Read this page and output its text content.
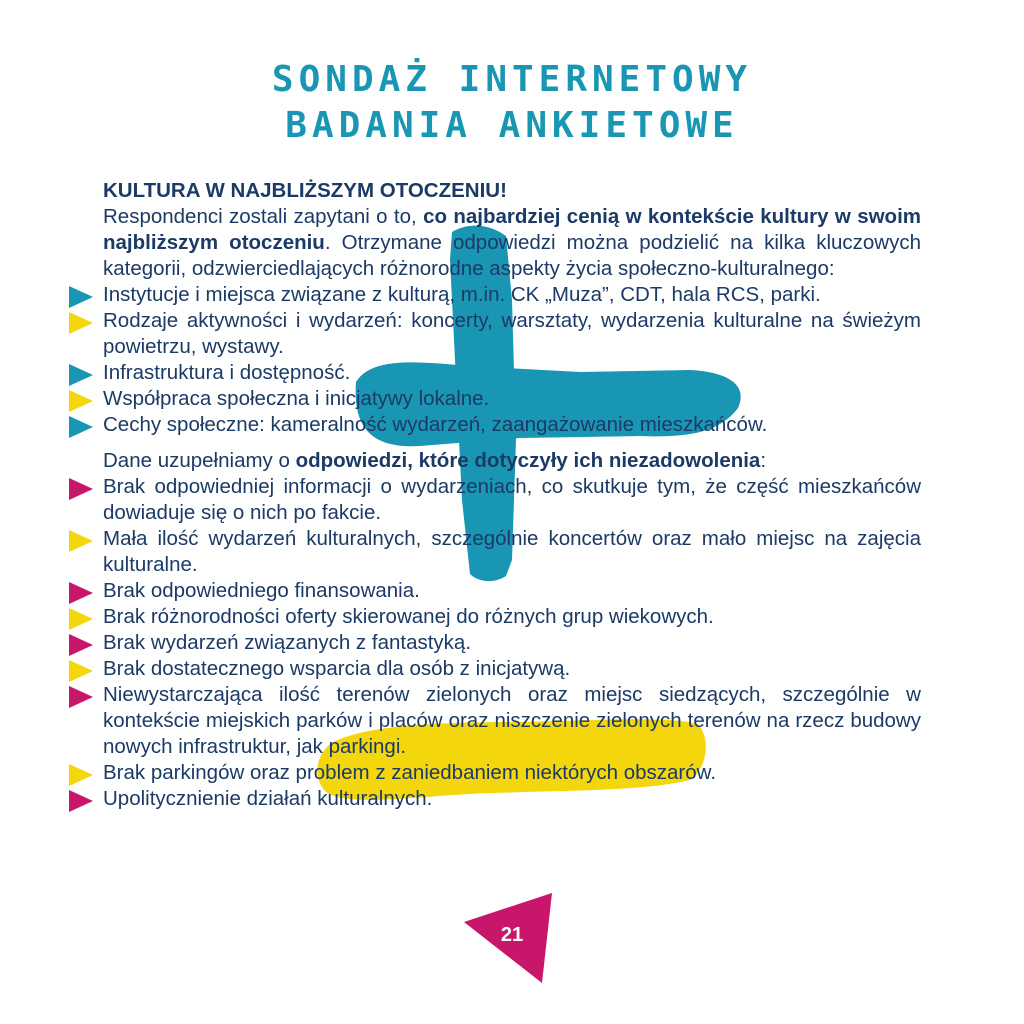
SONDAŻ INTERNETOWY
BADANIA ANKIETOWE
KULTURA W NAJBLIŻSZYM OTOCZENIU!
Respondenci zostali zapytani o to, co najbardziej cenią w kontekście kultury w swoim najbliższym otoczeniu. Otrzymane odpowiedzi można podzielić na kilka kluczowych kategorii, odzwierciedlających różnorodne aspekty życia społeczno-kulturalnego:
Instytucje i miejsca związane z kulturą, m.in. CK „Muza”, CDT, hala RCS, parki.
Rodzaje aktywności i wydarzeń: koncerty, warsztaty, wydarzenia kulturalne na świeżym powietrzu, wystawy.
Infrastruktura i dostępność.
Współpraca społeczna i inicjatywy lokalne.
Cechy społeczne: kameralność wydarzeń, zaangażowanie mieszkańców.
Dane uzupełniamy o odpowiedzi, które dotyczyły ich niezadowolenia:
Brak odpowiedniej informacji o wydarzeniach, co skutkuje tym, że część mieszkańców dowiaduje się o nich po fakcie.
Mała ilość wydarzeń kulturalnych, szczególnie koncertów oraz mało miejsc na zajęcia kulturalne.
Brak odpowiedniego finansowania.
Brak różnorodności oferty skierowanej do różnych grup wiekowych.
Brak wydarzeń związanych z fantastyką.
Brak dostatecznego wsparcia dla osób z inicjatywą.
Niewystarczająca ilość terenów zielonych oraz miejsc siedzących, szczególnie w kontekście miejskich parków i placów oraz niszczenie zielonych terenów na rzecz budowy nowych infrastruktur, jak parkingi.
Brak parkingów oraz problem z zaniedbaniem niektórych obszarów.
Upolitycznienie działań kulturalnych.
21
